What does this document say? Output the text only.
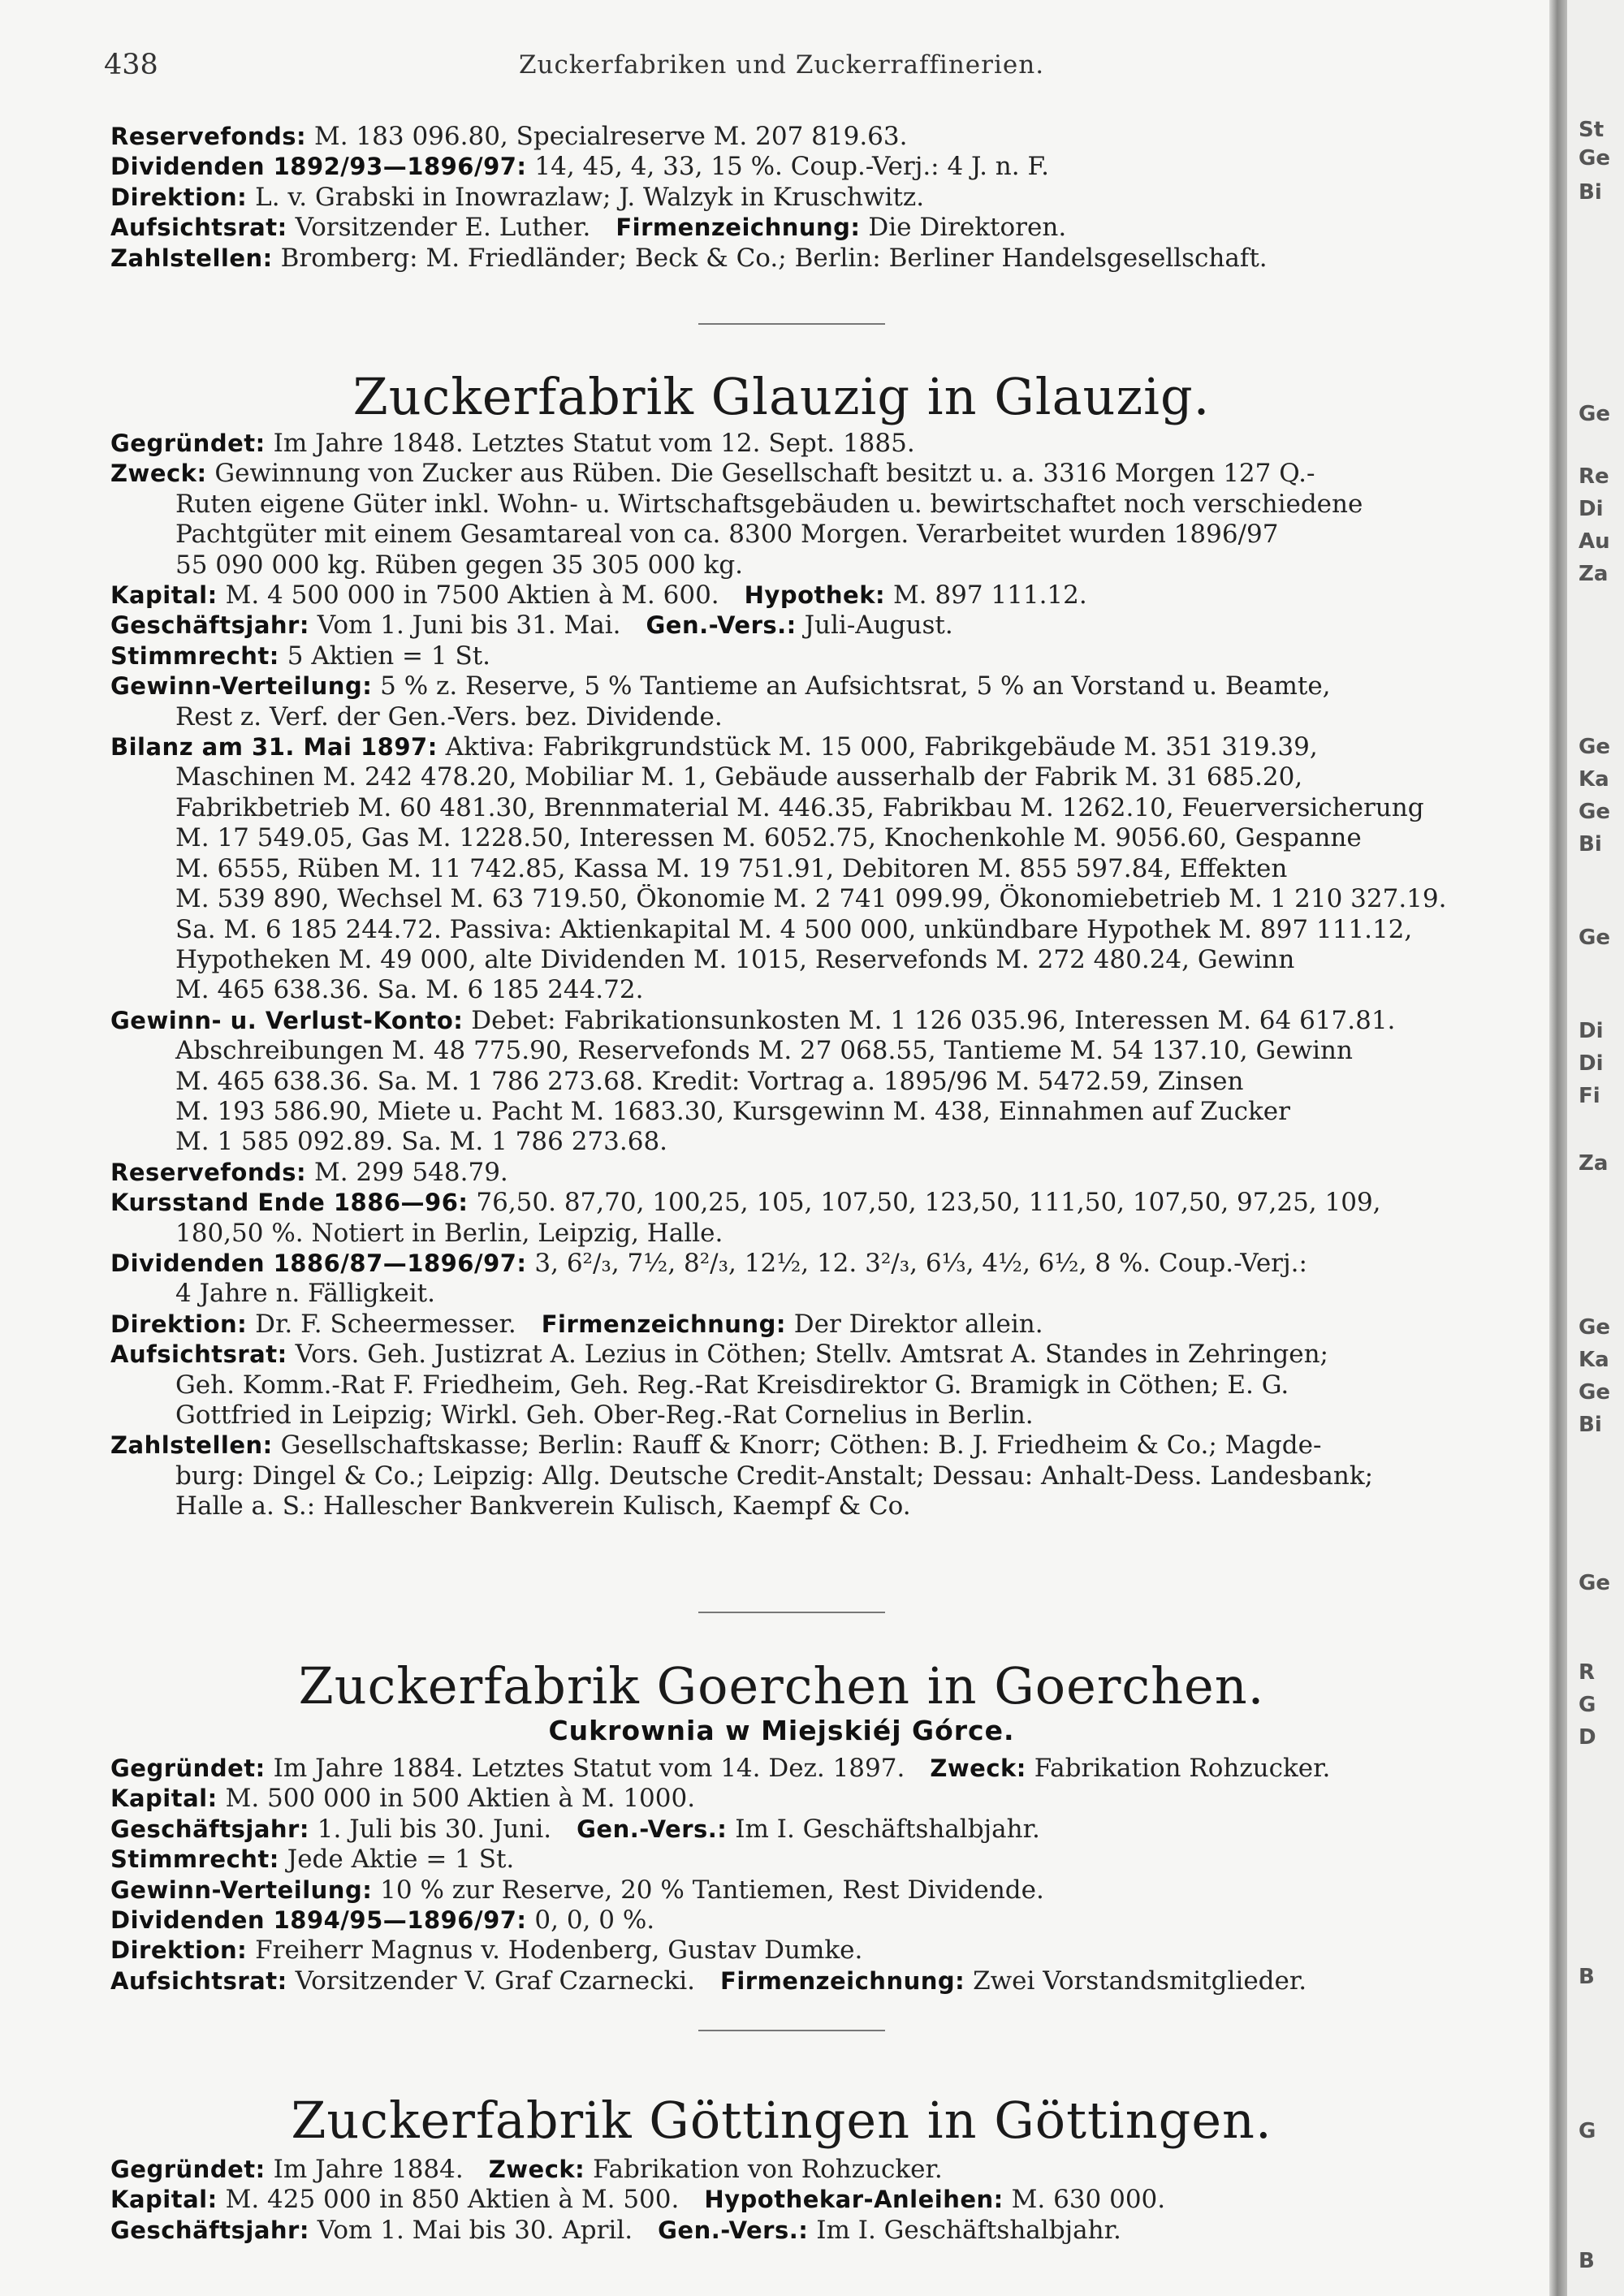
438	Zuckerfabriken und Zuckerraffinerien.
Reservefonds: M. 183 096.80, Specialreserve M. 207 819.63.
Dividenden 1892/93—1896/97: 14, 45, 4, 33, 15 %. Coup.-Verj.: 4 J. n. F.
Direktion: L. v. Grabski in Inowrazlaw; J. Walzyk in Kruschwitz.
Aufsichtsrat: Vorsitzender E. Luther.  Firmenzeichnung: Die Direktoren.
Zahlstellen: Bromberg: M. Friedländer; Beck & Co.; Berlin: Berliner Handelsgesellschaft.
Zuckerfabrik Glauzig in Glauzig.
Gegründet: Im Jahre 1848. Letztes Statut vom 12. Sept. 1885.
Zweck: Gewinnung von Zucker aus Rüben. Die Gesellschaft besitzt u. a. 3316 Morgen 127 Q.-
Ruten eigene Güter inkl. Wohn- u. Wirtschaftsgebäuden u. bewirtschaftet noch verschiedene
Pachtgüter mit einem Gesamtareal von ca. 8300 Morgen. Verarbeitet wurden 1896/97
55 090 000 kg. Rüben gegen 35 305 000 kg.
Kapital: M. 4 500 000 in 7500 Aktien à M. 600.  Hypothek: M. 897 111.12.
Geschäftsjahr: Vom 1. Juni bis 31. Mai.  Gen.-Vers.: Juli-August.
Stimmrecht: 5 Aktien = 1 St.
Gewinn-Verteilung: 5 % z. Reserve, 5 % Tantieme an Aufsichtsrat, 5 % an Vorstand u. Beamte,
Rest z. Verf. der Gen.-Vers. bez. Dividende.
Bilanz am 31. Mai 1897: Aktiva: Fabrikgrundstück M. 15 000, Fabrikgebäude M. 351 319.39,
Maschinen M. 242 478.20, Mobiliar M. 1, Gebäude ausserhalb der Fabrik M. 31 685.20,
Fabrikbetrieb M. 60 481.30, Brennmaterial M. 446.35, Fabrikbau M. 1262.10, Feuerversicherung
M. 17 549.05, Gas M. 1228.50, Interessen M. 6052.75, Knochenkohle M. 9056.60, Gespanne
M. 6555, Rüben M. 11 742.85, Kassa M. 19 751.91, Debitoren M. 855 597.84, Effekten
M. 539 890, Wechsel M. 63 719.50, Ökonomie M. 2 741 099.99, Ökonomiebetrieb M. 1 210 327.19.
Sa. M. 6 185 244.72. Passiva: Aktienkapital M. 4 500 000, unkündbare Hypothek M. 897 111.12,
Hypotheken M. 49 000, alte Dividenden M. 1015, Reservefonds M. 272 480.24, Gewinn
M. 465 638.36. Sa. M. 6 185 244.72.
Gewinn- u. Verlust-Konto: Debet: Fabrikationsunkosten M. 1 126 035.96, Interessen M. 64 617.81.
Abschreibungen M. 48 775.90, Reservefonds M. 27 068.55, Tantieme M. 54 137.10, Gewinn
M. 465 638.36. Sa. M. 1 786 273.68. Kredit: Vortrag a. 1895/96 M. 5472.59, Zinsen
M. 193 586.90, Miete u. Pacht M. 1683.30, Kursgewinn M. 438, Einnahmen auf Zucker
M. 1 585 092.89. Sa. M. 1 786 273.68.
Reservefonds: M. 299 548.79.
Kursstand Ende 1886—96: 76,50. 87,70, 100,25, 105, 107,50, 123,50, 111,50, 107,50, 97,25, 109,
180,50 %. Notiert in Berlin, Leipzig, Halle.
Dividenden 1886/87—1896/97: 3, 6²/₃, 7½, 8²/₃, 12½, 12. 3²/₃, 6⅓, 4½, 6½, 8 %. Coup.-Verj.:
4 Jahre n. Fälligkeit.
Direktion: Dr. F. Scheermesser.  Firmenzeichnung: Der Direktor allein.
Aufsichtsrat: Vors. Geh. Justizrat A. Lezius in Cöthen; Stellv. Amtsrat A. Standes in Zehringen;
Geh. Komm.-Rat F. Friedheim, Geh. Reg.-Rat Kreisdirektor G. Bramigk in Cöthen; E. G.
Gottfried in Leipzig; Wirkl. Geh. Ober-Reg.-Rat Cornelius in Berlin.
Zahlstellen: Gesellschaftskasse; Berlin: Rauff & Knorr; Cöthen: B. J. Friedheim & Co.; Magde-
burg: Dingel & Co.; Leipzig: Allg. Deutsche Credit-Anstalt; Dessau: Anhalt-Dess. Landesbank;
Halle a. S.: Hallescher Bankverein Kulisch, Kaempf & Co.
Zuckerfabrik Goerchen in Goerchen.
Cukrownia w Miejskiéj Górce.
Gegründet: Im Jahre 1884. Letztes Statut vom 14. Dez. 1897.  Zweck: Fabrikation Rohzucker.
Kapital: M. 500 000 in 500 Aktien à M. 1000.
Geschäftsjahr: 1. Juli bis 30. Juni.  Gen.-Vers.: Im I. Geschäftshalbjahr.
Stimmrecht: Jede Aktie = 1 St.
Gewinn-Verteilung: 10 % zur Reserve, 20 % Tantiemen, Rest Dividende.
Dividenden 1894/95—1896/97: 0, 0, 0 %.
Direktion: Freiherr Magnus v. Hodenberg, Gustav Dumke.
Aufsichtsrat: Vorsitzender V. Graf Czarnecki.  Firmenzeichnung: Zwei Vorstandsmitglieder.
Zuckerfabrik Göttingen in Göttingen.
Gegründet: Im Jahre 1884.  Zweck: Fabrikation von Rohzucker.
Kapital: M. 425 000 in 850 Aktien à M. 500.  Hypothekar-Anleihen: M. 630 000.
Geschäftsjahr: Vom 1. Mai bis 30. April.  Gen.-Vers.: Im I. Geschäftshalbjahr.
St
Ge
Bi
Ge
Re
Di
Au
Za
Ge
Ka
Ge
Bi
Ge
Di
Di
Fi
Za
Ge
Ka
Ge
Bi
Ge
R
G
D
B
G
B
